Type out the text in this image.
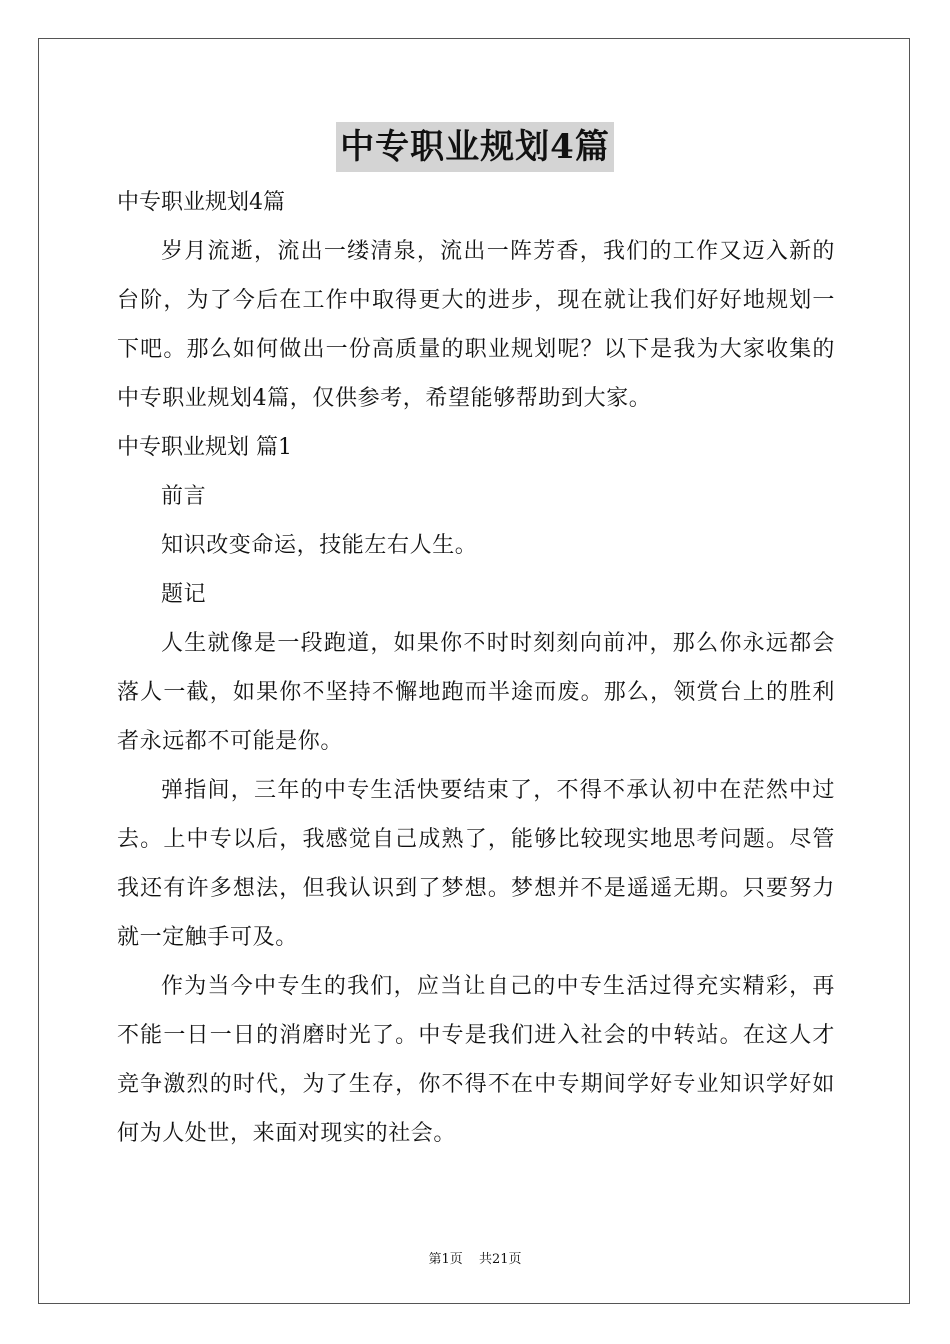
中专职业规划4篇
中专职业规划4篇
岁月流逝，流出一缕清泉，流出一阵芳香，我们的工作又迈入新的台阶，为了今后在工作中取得更大的进步，现在就让我们好好地规划一下吧。那么如何做出一份高质量的职业规划呢？以下是我为大家收集的中专职业规划4篇，仅供参考，希望能够帮助到大家。
中专职业规划 篇1
前言
知识改变命运，技能左右人生。
题记
人生就像是一段跑道，如果你不时时刻刻向前冲，那么你永远都会落人一截，如果你不坚持不懈地跑而半途而废。那么，领赏台上的胜利者永远都不可能是你。
弹指间，三年的中专生活快要结束了，不得不承认初中在茫然中过去。上中专以后，我感觉自己成熟了，能够比较现实地思考问题。尽管我还有许多想法，但我认识到了梦想。梦想并不是遥遥无期。只要努力就一定触手可及。
作为当今中专生的我们，应当让自己的中专生活过得充实精彩，再不能一日一日的消磨时光了。中专是我们进入社会的中转站。在这人才竞争激烈的时代，为了生存，你不得不在中专期间学好专业知识学好如何为人处世，来面对现实的社会。
第1页 共21页
